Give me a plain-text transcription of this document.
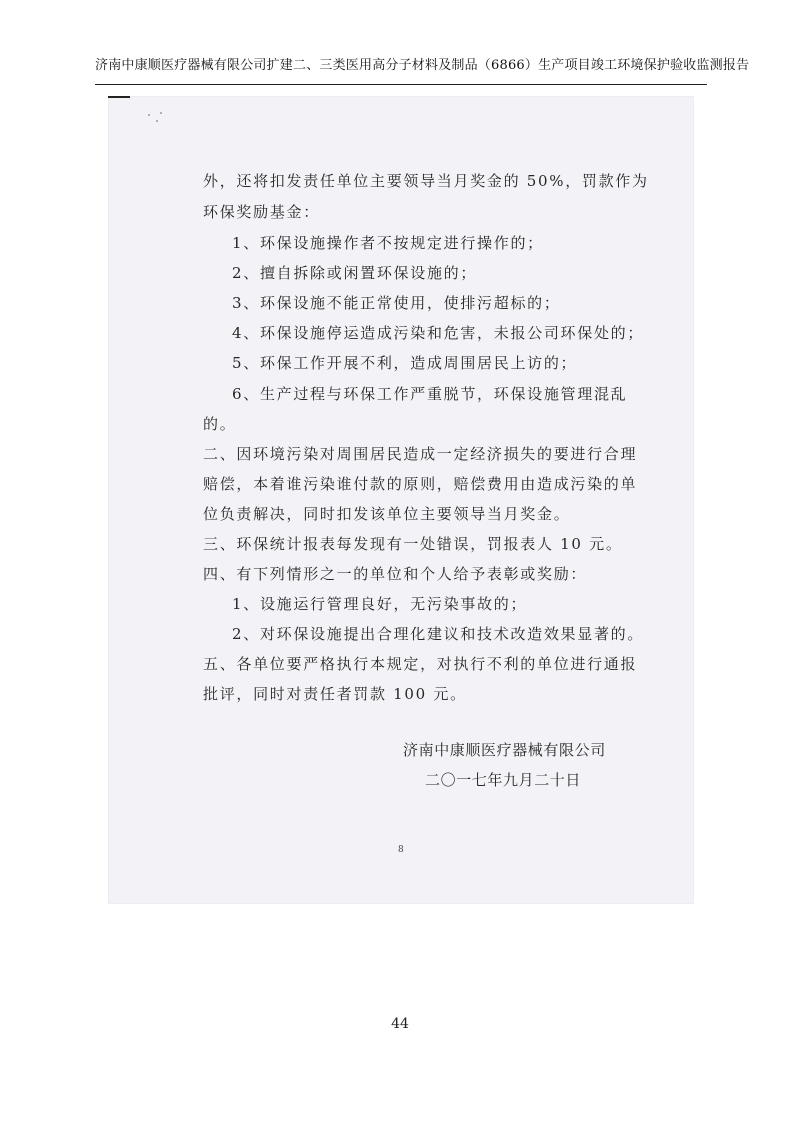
济南中康顺医疗器械有限公司扩建二、三类医用高分子材料及制品（6866）生产项目竣工环境保护验收监测报告
外，还将扣发责任单位主要领导当月奖金的 50%，罚款作为
环保奖励基金：
1、环保设施操作者不按规定进行操作的；
2、擅自拆除或闲置环保设施的；
3、环保设施不能正常使用，使排污超标的；
4、环保设施停运造成污染和危害，未报公司环保处的；
5、环保工作开展不利，造成周围居民上访的；
6、生产过程与环保工作严重脱节，环保设施管理混乱
的。
二、因环境污染对周围居民造成一定经济损失的要进行合理
赔偿，本着谁污染谁付款的原则，赔偿费用由造成污染的单
位负责解决，同时扣发该单位主要领导当月奖金。
三、环保统计报表每发现有一处错误，罚报表人 10 元。
四、有下列情形之一的单位和个人给予表彰或奖励：
1、设施运行管理良好，无污染事故的；
2、对环保设施提出合理化建议和技术改造效果显著的。
五、各单位要严格执行本规定，对执行不利的单位进行通报
批评，同时对责任者罚款 100 元。
济南中康顺医疗器械有限公司
二〇一七年九月二十日
8
44
